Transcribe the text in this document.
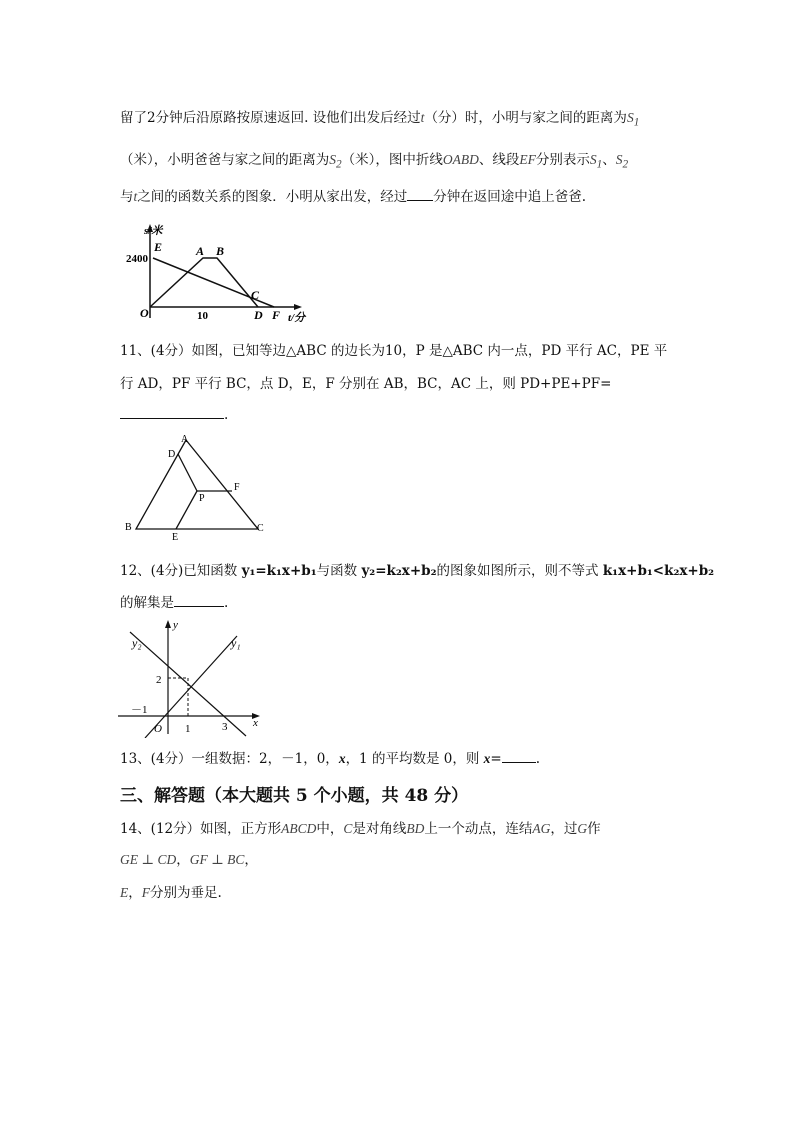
留了2分钟后沿原路按原速返回. 设他们出发后经过t（分）时，小明与家之间的距离为$S_1$
（米），小明爸爸与家之间的距离为$S_2$（米），图中折线OABD、线段EF分别表示$S_1$、$S_2$
与t之间的函数关系的图象．小明从家出发，经过 分钟在返回途中追上爸爸.
s/米
E
2400
A B
C
O	10	D F t/分
11、(4分）如图，已知等边△ABC 的边长为10，P 是△ABC 内一点，PD 平行 AC，PE 平
行 AD，PF 平行 BC，点 D，E，F 分别在 AB，BC，AC 上，则 PD+PE+PF=
.
A
D
F
P
B
E
C
12、(4分)已知函数 y₁=k₁x+b₁与函数 y₂=k₂x+b₂的图象如图所示，则不等式 k₁x+b₁<k₂x+b₂
的解集是	.
y
y₂	y₁
2
－1
O 1	3 x
13、(4分）一组数据：2，－1，0，x，1 的平均数是 0，则 x=	.
三、解答题（本大题共 5 个小题，共 48 分）
14、(12分）如图，正方形ABCD中，C是对角线BD上一个动点，连结AG，过G作
GE ⊥ CD，GF ⊥ BC，
E，F分别为垂足.
